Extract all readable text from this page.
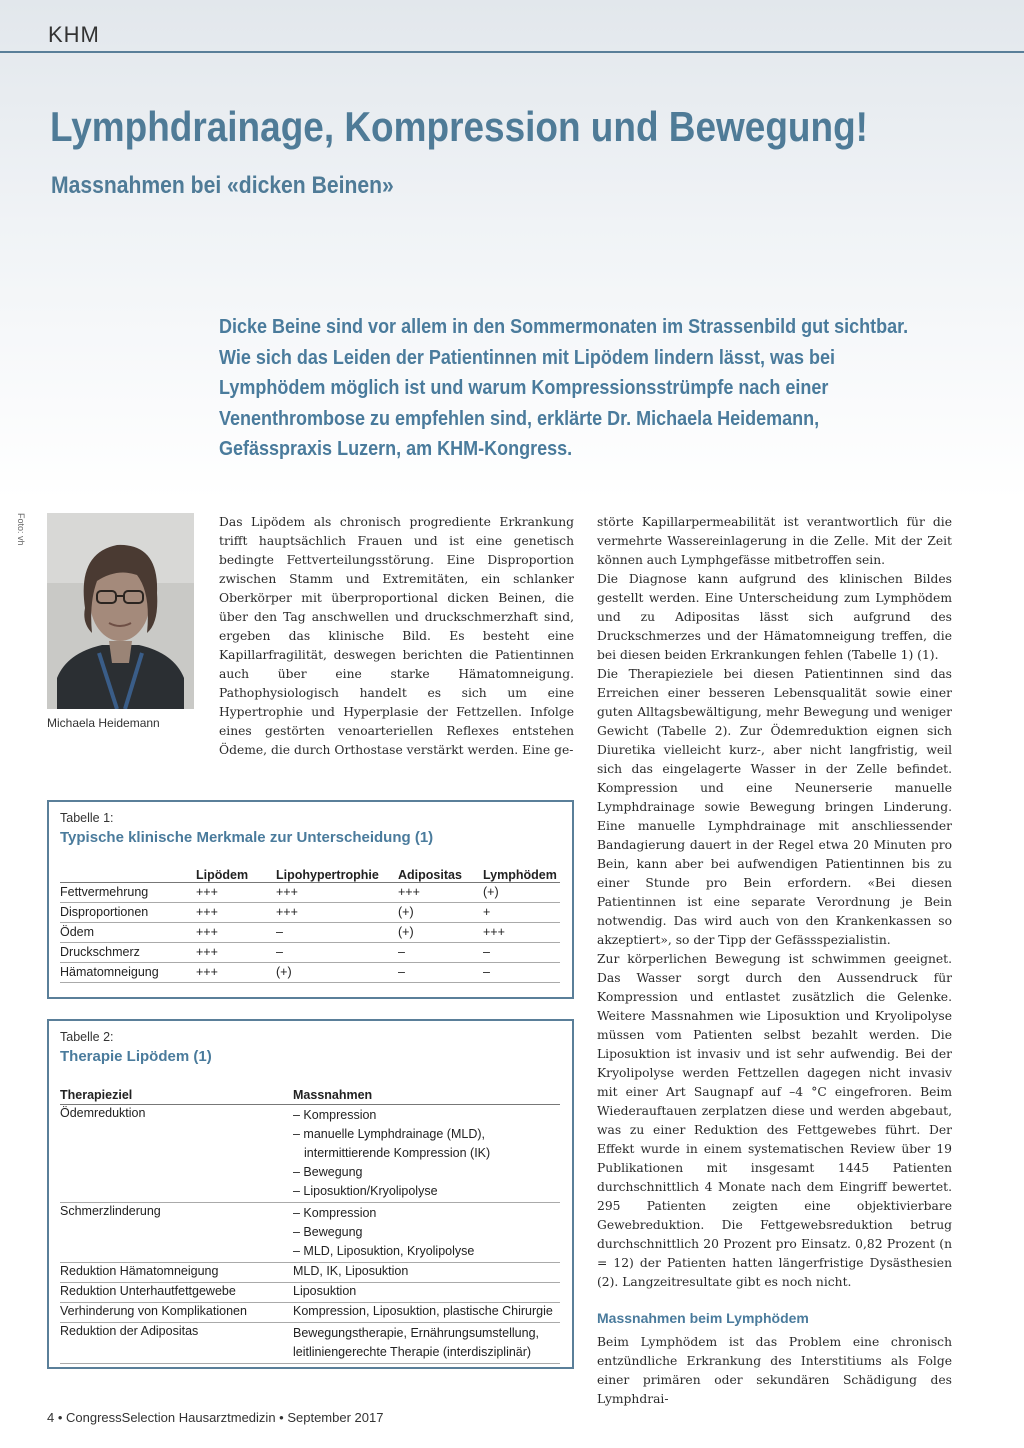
KHM
Lymphdrainage, Kompression und Bewegung!
Massnahmen bei «dicken Beinen»

Dicke Beine sind vor allem in den Sommermonaten im Strassenbild gut sichtbar. Wie sich das Leiden der Patientinnen mit Lipödem lindern lässt, was bei Lymphödem möglich ist und warum Kompressionsstrümpfe nach einer Venenthrombose zu empfehlen sind, erklärte Dr. Michaela Heidemann, Gefässpraxis Luzern, am KHM-Kongress.

Foto: vh
Michaela Heidemann

Das Lipödem als chronisch progrediente Erkrankung trifft hauptsächlich Frauen und ist eine genetisch bedingte Fettverteilungsstörung. Eine Disproportion zwischen Stamm und Extremitäten, ein schlanker Oberkörper mit überproportional dicken Beinen, die über den Tag anschwellen und druckschmerzhaft sind, ergeben das klinische Bild. Es besteht eine Kapillarfragilität, deswegen berichten die Patientinnen auch über eine starke Hämatomneigung. Pathophysiologisch handelt es sich um eine Hypertrophie und Hyperplasie der Fettzellen. Infolge eines gestörten venoarteriellen Reflexes entstehen Ödeme, die durch Orthostase verstärkt werden. Eine ge-

störte Kapillarpermeabilität ist verantwortlich für die vermehrte Wassereinlagerung in die Zelle. Mit der Zeit können auch Lymphgefässe mitbetroffen sein.

Die Diagnose kann aufgrund des klinischen Bildes gestellt werden. Eine Unterscheidung zum Lymphödem und zu Adipositas lässt sich aufgrund des Druckschmerzes und der Hämatomneigung treffen, die bei diesen beiden Erkrankungen fehlen (Tabelle 1) (1).

Die Therapieziele bei diesen Patientinnen sind das Erreichen einer besseren Lebensqualität sowie einer guten Alltagsbewältigung, mehr Bewegung und weniger Gewicht (Tabelle 2). Zur Ödemreduktion eignen sich Diuretika vielleicht kurz-, aber nicht langfristig, weil sich das eingelagerte Wasser in der Zelle befindet. Kompression und eine Neunerserie manuelle Lymphdrainage sowie Bewegung bringen Linderung. Eine manuelle Lymphdrainage mit anschliessender Bandagierung dauert in der Regel etwa 20 Minuten pro Bein, kann aber bei aufwendigen Patientinnen bis zu einer Stunde pro Bein erfordern. «Bei diesen Patientinnen ist eine separate Verordnung je Bein notwendig. Das wird auch von den Krankenkassen so akzeptiert», so der Tipp der Gefässspezialistin.

Zur körperlichen Bewegung ist schwimmen geeignet. Das Wasser sorgt durch den Aussendruck für Kompression und entlastet zusätzlich die Gelenke. Weitere Massnahmen wie Liposuktion und Kryolipolyse müssen vom Patienten selbst bezahlt werden. Die Liposuktion ist invasiv und ist sehr aufwendig. Bei der Kryolipolyse werden Fettzellen dagegen nicht invasiv mit einer Art Saugnapf auf –4 °C eingefroren. Beim Wiederauftauen zerplatzen diese und werden abgebaut, was zu einer Reduktion des Fettgewebes führt. Der Effekt wurde in einem systematischen Review über 19 Publikationen mit insgesamt 1445 Patienten durchschnittlich 4 Monate nach dem Eingriff bewertet. 295 Patienten zeigten eine objektivierbare Gewebreduktion. Die Fettgewebsreduktion betrug durchschnittlich 20 Prozent pro Einsatz. 0,82 Prozent (n = 12) der Patienten hatten längerfristige Dysästhesien (2). Langzeitresultate gibt es noch nicht.

Massnahmen beim Lymphödem

Beim Lymphödem ist das Problem eine chronisch entzündliche Erkrankung des Interstitiums als Folge einer primären oder sekundären Schädigung des Lymphdrai-

Tabelle 1:
Typische klinische Merkmale zur Unterscheidung (1)
	Lipödem	Lipohypertrophie	Adipositas	Lymphödem
Fettvermehrung	+++	+++	+++	(+)
Disproportionen	+++	+++	(+)	+
Ödem	+++	–	(+)	+++
Druckschmerz	+++	–	–	–
Hämatomneigung	+++	(+)	–	–
Tabelle 2:
Therapie Lipödem (1)
Therapieziel	Massnahmen
Ödemreduktion	– Kompression
– manuelle Lymphdrainage (MLD),
intermittierende Kompression (IK)
– Bewegung
– Liposuktion/Kryolipolyse

Schmerzlinderung	– Kompression
– Bewegung
– MLD, Liposuktion, Kryolipolyse

Reduktion Hämatomneigung	MLD, IK, Liposuktion
Reduktion Unterhautfettgewebe	Liposuktion
Verhinderung von Komplikationen	Kompression, Liposuktion, plastische Chirurgie
Reduktion der Adipositas	Bewegungstherapie, Ernährungsumstellung,
leitliniengerechte Therapie (interdisziplinär)
4 • CongressSelection Hausarztmedizin • September 2017
